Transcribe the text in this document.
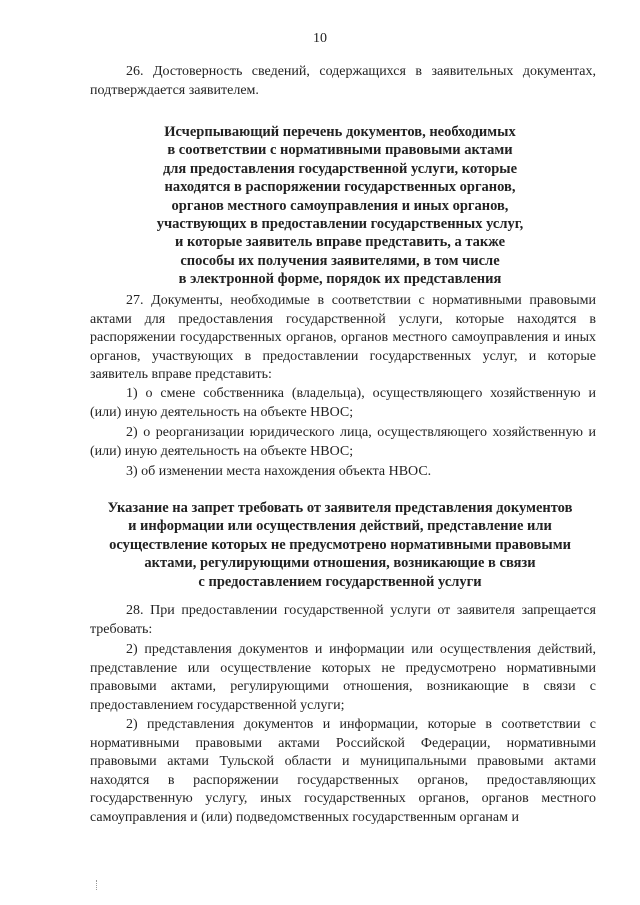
10

26. Достоверность сведений, содержащихся в заявительных документах, подтверждается заявителем.

Исчерпывающий перечень документов, необходимых
в соответствии с нормативными правовыми актами
для предоставления государственной услуги, которые
находятся в распоряжении государственных органов,
органов местного самоуправления и иных органов,
участвующих в предоставлении государственных услуг,
и которые заявитель вправе представить, а также
способы их получения заявителями, в том числе
в электронной форме, порядок их представления

27. Документы, необходимые в соответствии с нормативными правовыми актами для предоставления государственной услуги, которые находятся в распоряжении государственных органов, органов местного самоуправления и иных органов, участвующих в предоставлении государственных услуг, и которые заявитель вправе представить:

1) о смене собственника (владельца), осуществляющего хозяйственную и (или) иную деятельность на объекте НВОС;

2) о реорганизации юридического лица, осуществляющего хозяйственную и (или) иную деятельность на объекте НВОС;

3) об изменении места нахождения объекта НВОС.

Указание на запрет требовать от заявителя представления документов
и информации или осуществления действий, представление или
осуществление которых не предусмотрено нормативными правовыми
актами, регулирующими отношения, возникающие в связи
с предоставлением государственной услуги

28. При предоставлении государственной услуги от заявителя запрещается требовать:

2) представления документов и информации или осуществления действий, представление или осуществление которых не предусмотрено нормативными правовыми актами, регулирующими отношения, возникающие в связи с предоставлением государственной услуги;

2) представления документов и информации, которые в соответствии с нормативными правовыми актами Российской Федерации, нормативными правовыми актами Тульской области и муниципальными правовыми актами находятся в распоряжении государственных органов, предоставляющих государственную услугу, иных государственных органов, органов местного самоуправления и (или) подведомственных государственным органам и
